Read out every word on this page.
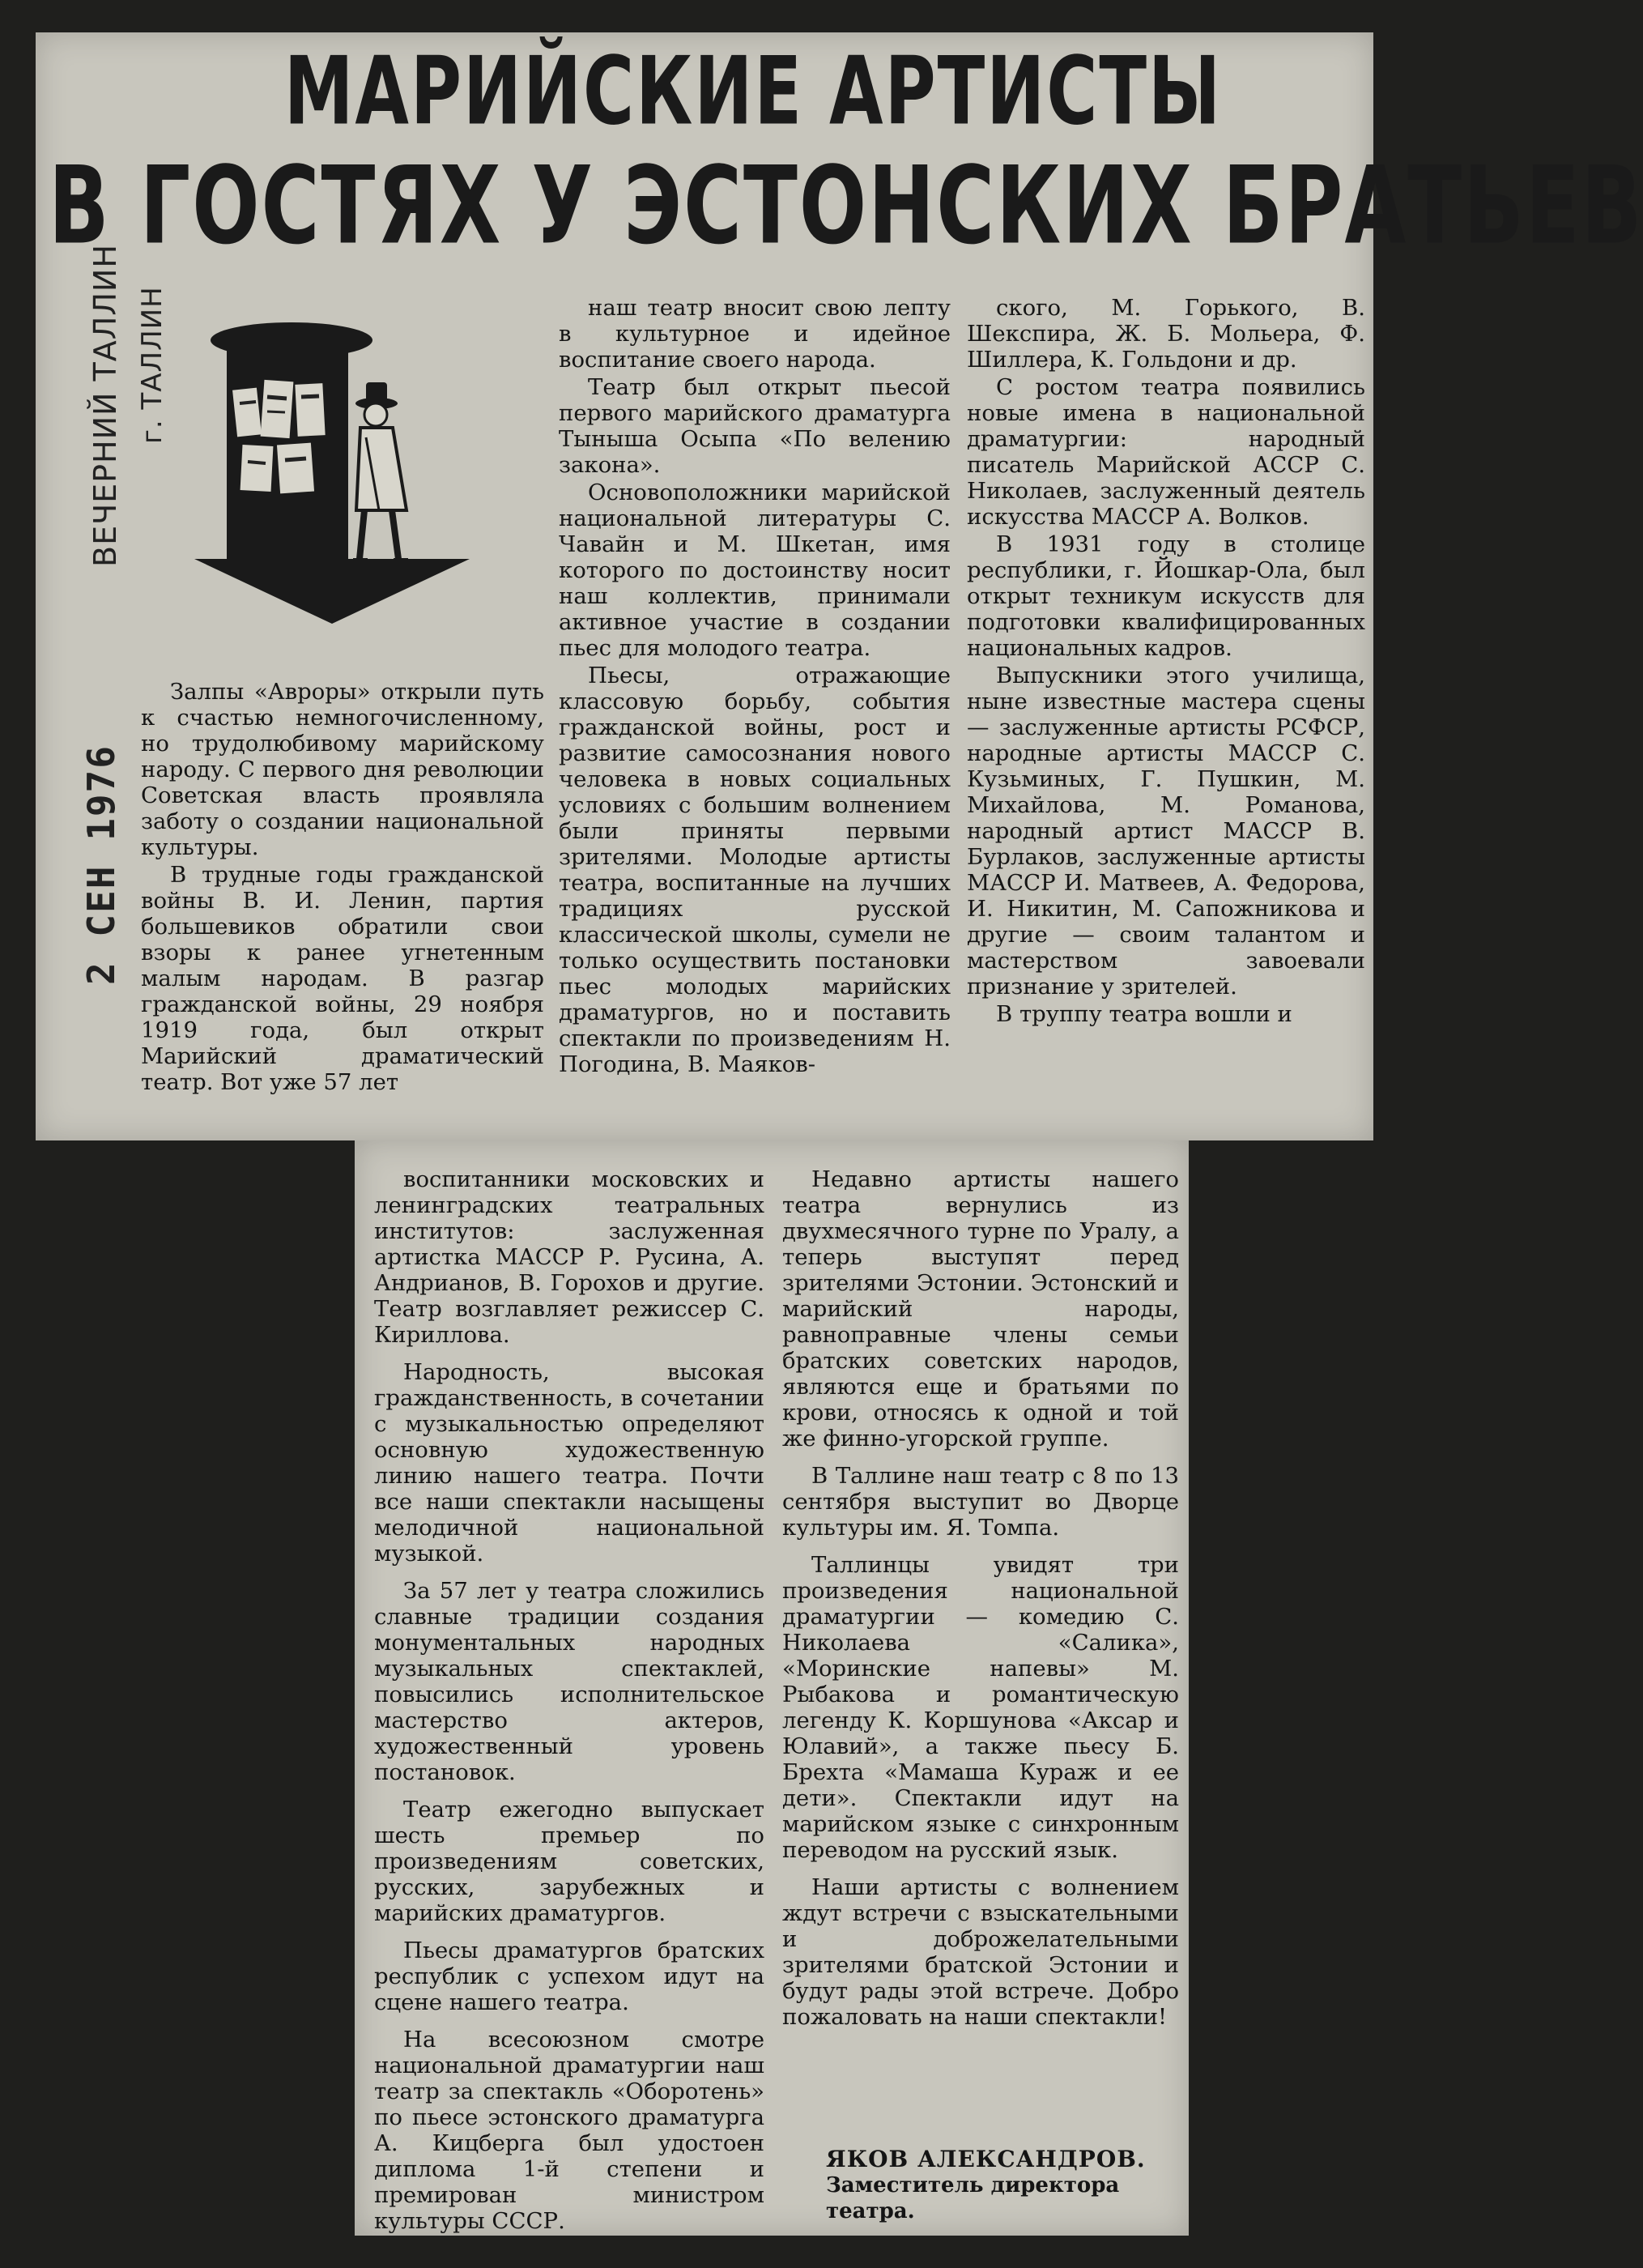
МАРИЙСКИЕ АРТИСТЫ
В ГОСТЯХ У ЭСТОНСКИХ БРАТЬЕВ
ВЕЧЕРНИЙ ТАЛЛИН г. ТАЛЛИН
2 СЕН 1976

Залпы «Авроры» открыли путь к счастью немногочисленному, но трудолюбивому марийскому народу. С первого дня революции Советская власть проявляла заботу о создании национальной культуры.

В трудные годы гражданской войны В. И. Ленин, партия большевиков обратили свои взоры к ранее угнетенным малым народам. В разгар гражданской войны, 29 ноября 1919 года, был открыт Марийский драматический театр. Вот уже 57 лет

наш театр вносит свою лепту в культурное и идейное воспитание своего народа.

Театр был открыт пьесой первого марийского драматурга Тыныша Осыпа «По велению закона».

Основоположники марийской национальной литературы С. Чавайн и М. Шкетан, имя которого по достоинству носит наш коллектив, принимали активное участие в создании пьес для молодого театра.

Пьесы, отражающие классовую борьбу, события гражданской войны, рост и развитие самосознания нового человека в новых социальных условиях с большим волнением были приняты первыми зрителями. Молодые артисты театра, воспитанные на лучших традициях русской классической школы, сумели не только осуществить постановки пьес молодых марийских драматургов, но и поставить спектакли по произведениям Н. Погодина, В. Маяков-

ского, М. Горького, В. Шекспира, Ж. Б. Мольера, Ф. Шиллера, К. Гольдони и др.

С ростом театра появились новые имена в национальной драматургии: народный писатель Марийской АССР С. Николаев, заслуженный деятель искусства МАССР А. Волков.

В 1931 году в столице республики, г. Йошкар-Ола, был открыт техникум искусств для подготовки квалифицированных национальных кадров.

Выпускники этого училища, ныне известные мастера сцены — заслуженные артисты РСФСР, народные артисты МАССР С. Кузьминых, Г. Пушкин, М. Михайлова, М. Романова, народный артист МАССР В. Бурлаков, заслуженные артисты МАССР И. Матвеев, А. Федорова, И. Никитин, М. Сапожникова и другие — своим талантом и мастерством завоевали признание у зрителей.

В труппу театра вошли и

воспитанники московских и ленинградских театральных институтов: заслуженная артистка МАССР Р. Русина, А. Андрианов, В. Горохов и другие. Театр возглавляет режиссер С. Кириллова.

Народность, высокая гражданственность, в сочетании с музыкальностью определяют основную художественную линию нашего театра. Почти все наши спектакли насыщены мелодичной национальной музыкой.

За 57 лет у театра сложились славные традиции создания монументальных народных музыкальных спектаклей, повысились исполнительское мастерство актеров, художественный уровень постановок.

Театр ежегодно выпускает шесть премьер по произведениям советских, русских, зарубежных и марийских драматургов.

Пьесы драматургов братских республик с успехом идут на сцене нашего театра.

На всесоюзном смотре национальной драматургии наш театр за спектакль «Оборотень» по пьесе эстонского драматурга А. Кицберга был удостоен диплома 1-й степени и премирован министром культуры СССР.

Недавно артисты нашего театра вернулись из двухмесячного турне по Уралу, а теперь выступят перед зрителями Эстонии. Эстонский и марийский народы, равноправные члены семьи братских советских народов, являются еще и братьями по крови, относясь к одной и той же финно-угорской группе.

В Таллине наш театр с 8 по 13 сентября выступит во Дворце культуры им. Я. Томпа.

Таллинцы увидят три произведения национальной драматургии — комедию С. Николаева «Салика», «Моринские напевы» М. Рыбакова и романтическую легенду К. Коршунова «Аксар и Юлавий», а также пьесу Б. Брехта «Мамаша Кураж и ее дети». Спектакли идут на марийском языке с синхронным переводом на русский язык.

Наши артисты с волнением ждут встречи с взыскательными и доброжелательными зрителями братской Эстонии и будут рады этой встрече. Добро пожаловать на наши спектакли!

ЯКОВ АЛЕКСАНДРОВ.
Заместитель директора театра.
